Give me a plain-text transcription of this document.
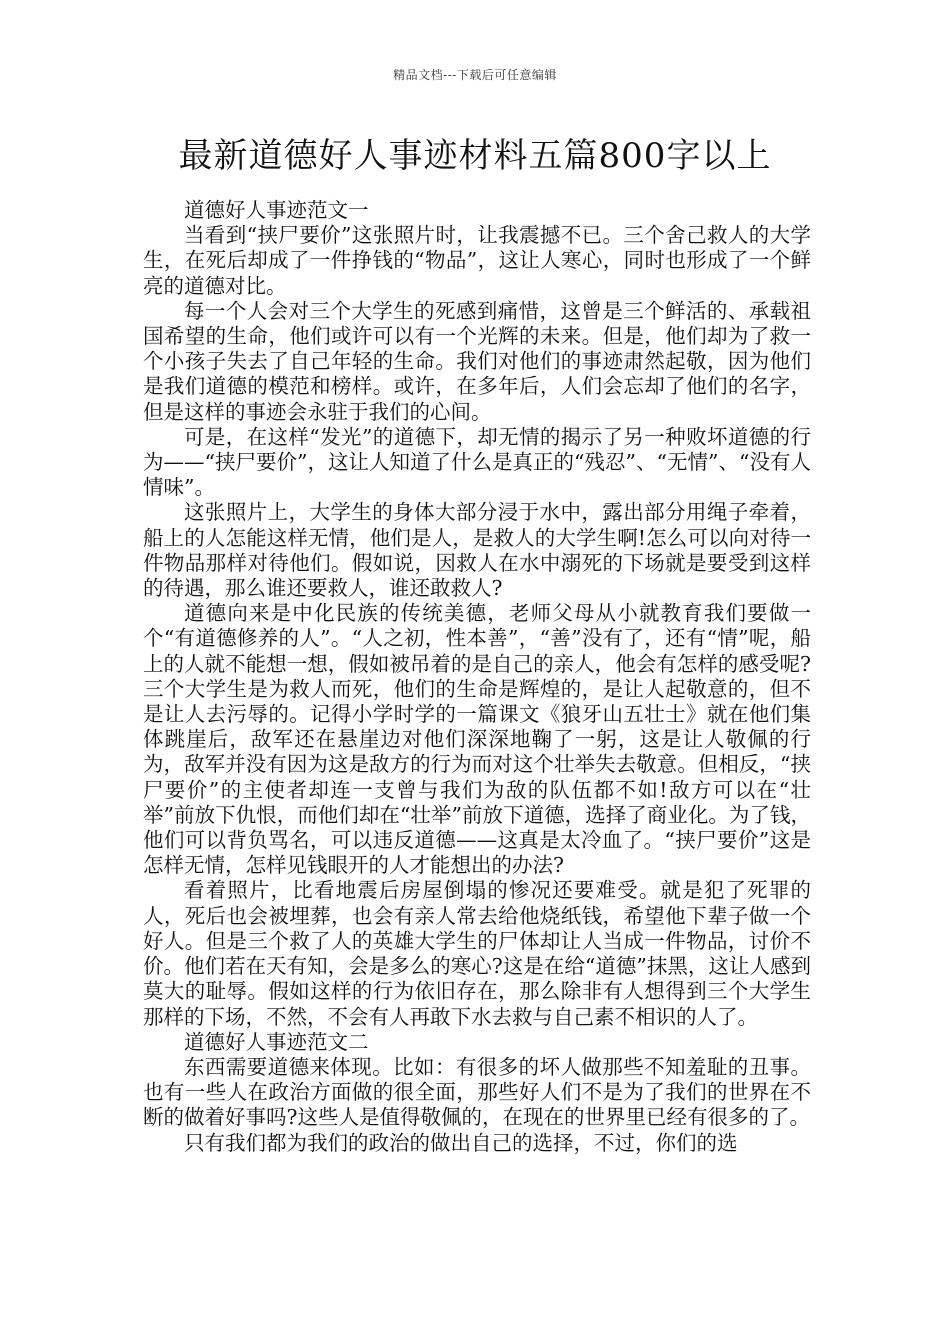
精品文档---下载后可任意编辑
最新道德好人事迹材料五篇800字以上

道德好人事迹范文一

当看到“挟尸要价”这张照片时，让我震撼不已。三个舍己救人的大学生，在死后却成了一件挣钱的“物品”，这让人寒心，同时也形成了一个鲜亮的道德对比。

每一个人会对三个大学生的死感到痛惜，这曾是三个鲜活的、承载祖国希望的生命，他们或许可以有一个光辉的未来。但是，他们却为了救一个小孩子失去了自己年轻的生命。我们对他们的事迹肃然起敬，因为他们是我们道德的模范和榜样。或许，在多年后，人们会忘却了他们的名字，但是这样的事迹会永驻于我们的心间。

可是，在这样“发光”的道德下，却无情的揭示了另一种败坏道德的行为——“挟尸要价”，这让人知道了什么是真正的“残忍”、“无情”、“没有人情味”。

这张照片上，大学生的身体大部分浸于水中，露出部分用绳子牵着，船上的人怎能这样无情，他们是人，是救人的大学生啊!怎么可以向对待一件物品那样对待他们。假如说，因救人在水中溺死的下场就是要受到这样的待遇，那么谁还要救人，谁还敢救人?

道德向来是中化民族的传统美德，老师父母从小就教育我们要做一个“有道德修养的人”。“人之初，性本善”，“善”没有了，还有“情”呢，船上的人就不能想一想，假如被吊着的是自己的亲人，他会有怎样的感受呢?三个大学生是为救人而死，他们的生命是辉煌的，是让人起敬意的，但不是让人去污辱的。记得小学时学的一篇课文《狼牙山五壮士》就在他们集体跳崖后，敌军还在悬崖边对他们深深地鞠了一躬，这是让人敬佩的行为，敌军并没有因为这是敌方的行为而对这个壮举失去敬意。但相反，“挟尸要价”的主使者却连一支曾与我们为敌的队伍都不如!敌方可以在“壮举”前放下仇恨，而他们却在“壮举”前放下道德，选择了商业化。为了钱，他们可以背负骂名，可以违反道德——这真是太冷血了。“挟尸要价”这是怎样无情，怎样见钱眼开的人才能想出的办法?

看着照片，比看地震后房屋倒塌的惨况还要难受。就是犯了死罪的人，死后也会被埋葬，也会有亲人常去给他烧纸钱，希望他下辈子做一个好人。但是三个救了人的英雄大学生的尸体却让人当成一件物品，讨价不价。他们若在天有知，会是多么的寒心?这是在给“道德”抹黑，这让人感到莫大的耻辱。假如这样的行为依旧存在，那么除非有人想得到三个大学生那样的下场，不然，不会有人再敢下水去救与自己素不相识的人了。

道德好人事迹范文二

东西需要道德来体现。比如：有很多的坏人做那些不知羞耻的丑事。也有一些人在政治方面做的很全面，那些好人们不是为了我们的世界在不断的做着好事吗?这些人是值得敬佩的，在现在的世界里已经有很多的了。

只有我们都为我们的政治的做出自己的选择，不过，你们的选
